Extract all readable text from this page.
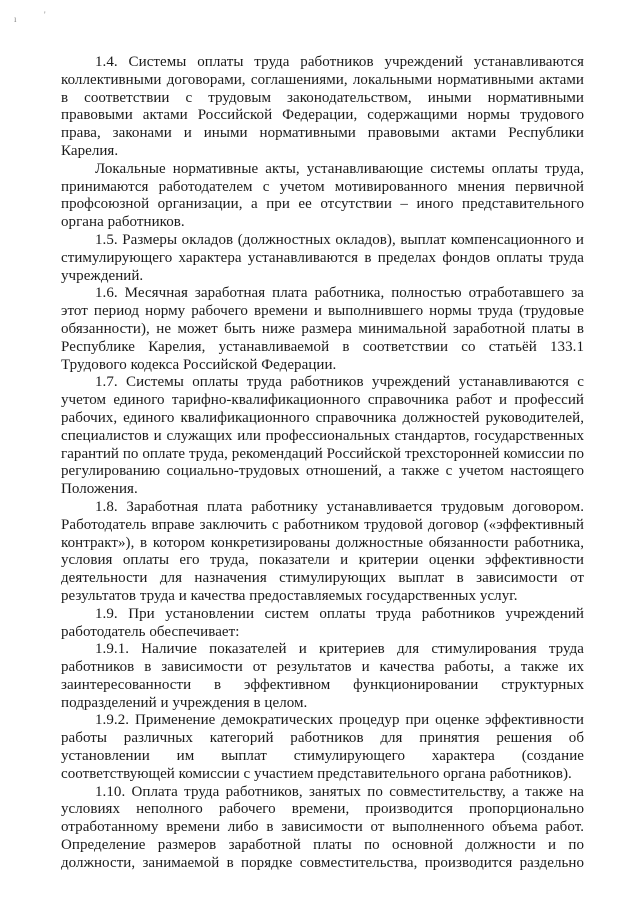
ı	'

1.4. Системы оплаты труда работников учреждений устанавливаются коллективными договорами, соглашениями, локальными нормативными актами в соответствии с трудовым законодательством, иными нормативными правовыми актами Российской Федерации, содержащими нормы трудового права, законами и иными нормативными правовыми актами Республики Карелия.

Локальные нормативные акты, устанавливающие системы оплаты труда, принимаются работодателем с учетом мотивированного мнения первичной профсоюзной организации, а при ее отсутствии – иного представительного органа работников.

1.5. Размеры окладов (должностных окладов), выплат компенсационного и стимулирующего характера устанавливаются в пределах фондов оплаты труда учреждений.

1.6. Месячная заработная плата работника, полностью отработавшего за этот период норму рабочего времени и выполнившего нормы труда (трудовые обязанности), не может быть ниже размера минимальной заработной платы в Республике Карелия, устанавливаемой в соответствии со статьёй 133.1 Трудового кодекса Российской Федерации.

1.7. Системы оплаты труда работников учреждений устанавливаются с учетом единого тарифно-квалификационного справочника работ и профессий рабочих, единого квалификационного справочника должностей руководителей, специалистов и служащих или профессиональных стандартов, государственных гарантий по оплате труда, рекомендаций Российской трехсторонней комиссии по регулированию социально-трудовых отношений, а также с учетом настоящего Положения.

1.8. Заработная плата работнику устанавливается трудовым договором. Работодатель вправе заключить с работником трудовой договор («эффективный контракт»), в котором конкретизированы должностные обязанности работника, условия оплаты его труда, показатели и критерии оценки эффективности деятельности для назначения стимулирующих выплат в зависимости от результатов труда и качества предоставляемых государственных услуг.

1.9. При установлении систем оплаты труда работников учреждений работодатель обеспечивает:

1.9.1. Наличие показателей и критериев для стимулирования труда работников в зависимости от результатов и качества работы, а также их заинтересованности в эффективном функционировании структурных подразделений и учреждения в целом.

1.9.2. Применение демократических процедур при оценке эффективности работы различных категорий работников для принятия решения об установлении им выплат стимулирующего характера (создание соответствующей комиссии с участием представительного органа работников).

1.10. Оплата труда работников, занятых по совместительству, а также на условиях неполного рабочего времени, производится пропорционально отработанному времени либо в зависимости от выполненного объема работ. Определение размеров заработной платы по основной должности и по должности, занимаемой в порядке совместительства, производится раздельно
